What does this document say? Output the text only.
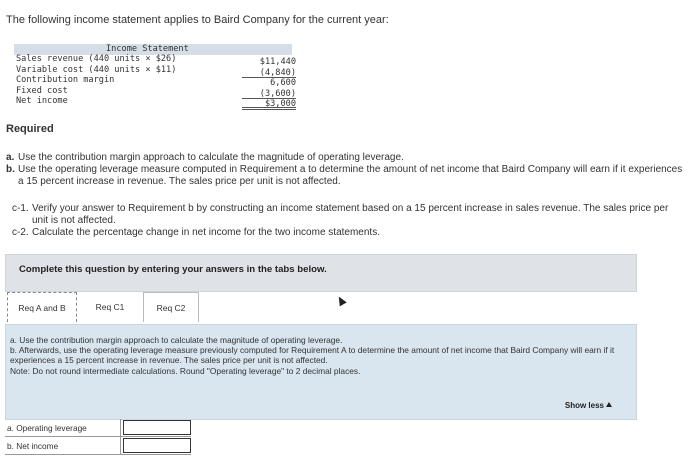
The following income statement applies to Baird Company for the current year:
Income Statement
Sales revenue (440 units × $26)
Variable cost (440 units × $11)
Contribution margin
Fixed cost
Net income
$11,440
(4,840)
6,600
(3,600)
$3,000
Required
a. Use the contribution margin approach to calculate the magnitude of operating leverage.
b. Use the operating leverage measure computed in Requirement a to determine the amount of net income that Baird Company will earn if it experiences a 15 percent increase in revenue. The sales price per unit is not affected.
c-1. Verify your answer to Requirement b by constructing an income statement based on a 15 percent increase in sales revenue. The sales price per unit is not affected.
c-2. Calculate the percentage change in net income for the two income statements.
Complete this question by entering your answers in the tabs below.
Req A and B	Req C1	Req C2
a. Use the contribution margin approach to calculate the magnitude of operating leverage.
b. Afterwards, use the operating leverage measure previously computed for Requirement A to determine the amount of net income that Baird Company will earn if it experiences a 15 percent increase in revenue. The sales price per unit is not affected.
Note: Do not round intermediate calculations. Round "Operating leverage" to 2 decimal places.
Show less
a. Operating leverage
b. Net income
